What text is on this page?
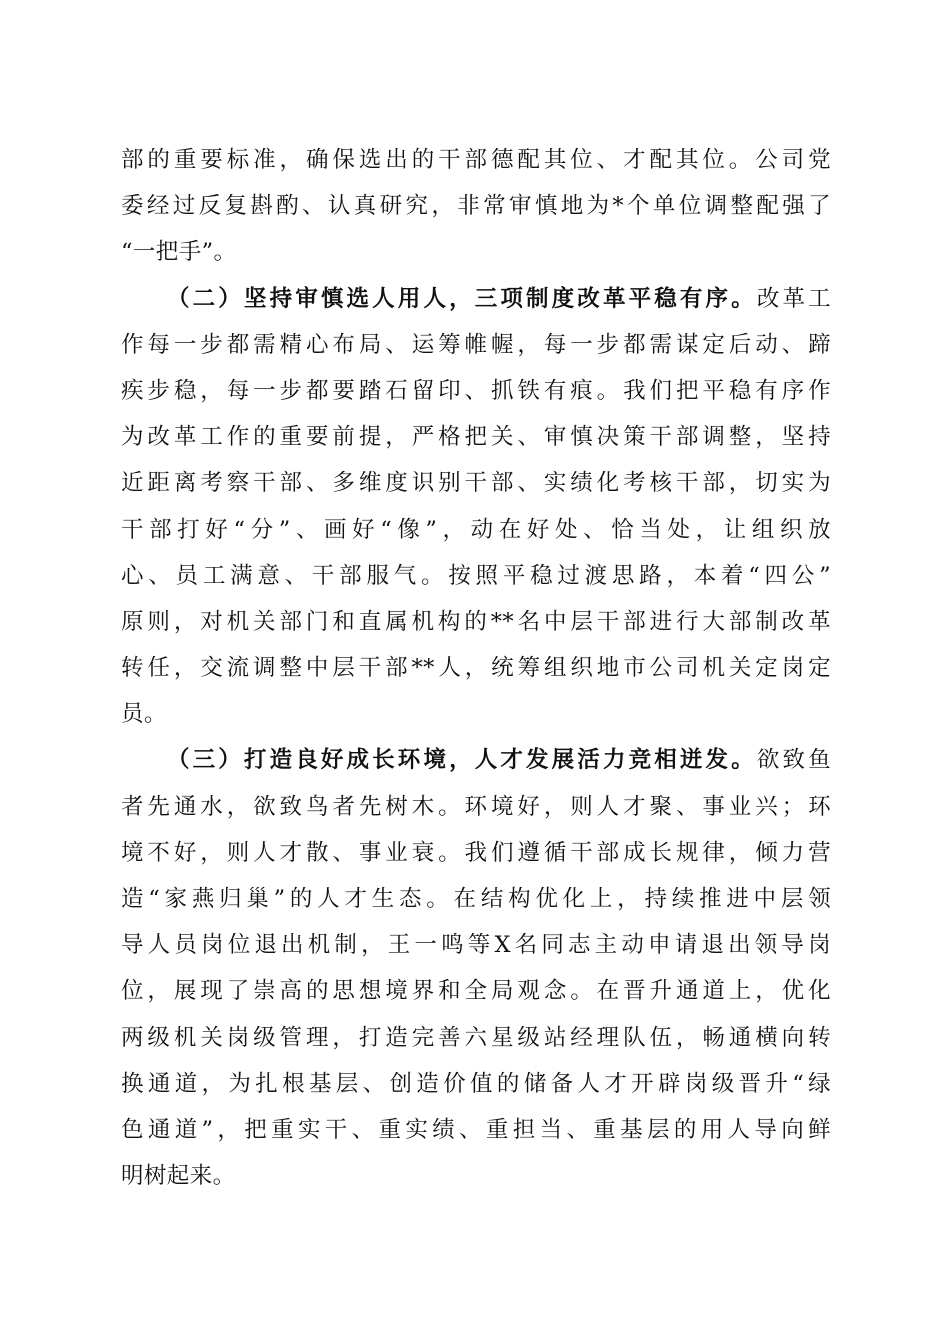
部的重要标准，确保选出的干部德配其位、才配其位。公司党
委经过反复斟酌、认真研究，非常审慎地为*个单位调整配强了
“一把手”。
（二）坚持审慎选人用人，三项制度改革平稳有序。改革工
作每一步都需精心布局、运筹帷幄，每一步都需谋定后动、蹄
疾步稳，每一步都要踏石留印、抓铁有痕。我们把平稳有序作
为改革工作的重要前提，严格把关、审慎决策干部调整，坚持
近距离考察干部、多维度识别干部、实绩化考核干部，切实为
干部打好“分”、画好“像”，动在好处、恰当处，让组织放
心、员工满意、干部服气。按照平稳过渡思路，本着“四公”
原则，对机关部门和直属机构的**名中层干部进行大部制改革
转任，交流调整中层干部**人，统筹组织地市公司机关定岗定
员。
（三）打造良好成长环境，人才发展活力竞相迸发。欲致鱼
者先通水，欲致鸟者先树木。环境好，则人才聚、事业兴；环
境不好，则人才散、事业衰。我们遵循干部成长规律，倾力营
造“家燕归巢”的人才生态。在结构优化上，持续推进中层领
导人员岗位退出机制，王一鸣等X名同志主动申请退出领导岗
位，展现了崇高的思想境界和全局观念。在晋升通道上，优化
两级机关岗级管理，打造完善六星级站经理队伍，畅通横向转
换通道，为扎根基层、创造价值的储备人才开辟岗级晋升“绿
色通道”，把重实干、重实绩、重担当、重基层的用人导向鲜
明树起来。
